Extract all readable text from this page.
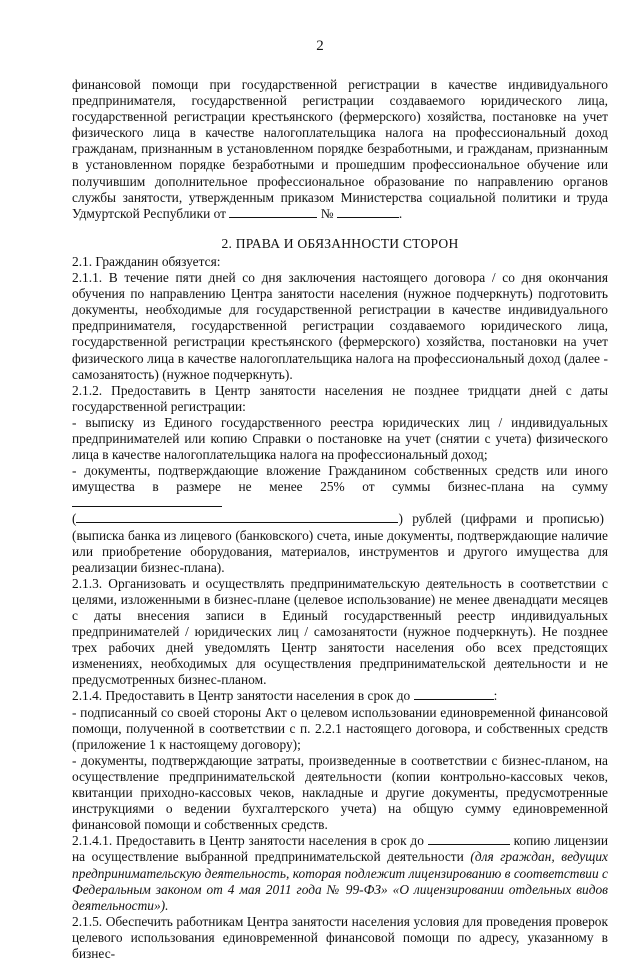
2

финансовой помощи при государственной регистрации в качестве индивидуального предпринимателя, государственной регистрации создаваемого юридического лица, государственной регистрации крестьянского (фермерского) хозяйства, постановке на учет физического лица в качестве налогоплательщика налога на профессиональный доход гражданам, признанным в установленном порядке безработными, и гражданам, признанным в установленном порядке безработными и прошедшим профессиональное обучение или получившим дополнительное профессиональное образование по направлению органов службы занятости, утвержденным приказом Министерства социальной политики и труда Удмуртской Республики от	№	.

2. ПРАВА И ОБЯЗАННОСТИ СТОРОН

2.1. Гражданин обязуется:

2.1.1. В течение пяти дней со дня заключения настоящего договора / со дня окончания обучения по направлению Центра занятости населения (нужное подчеркнуть) подготовить документы, необходимые для государственной регистрации в качестве индивидуального предпринимателя, государственной регистрации создаваемого юридического лица, государственной регистрации крестьянского (фермерского) хозяйства, постановки на учет физического лица в качестве налогоплательщика налога на профессиональный доход (далее - самозанятость) (нужное подчеркнуть).

2.1.2. Предоставить в Центр занятости населения не позднее тридцати дней с даты государственной регистрации:

- выписку из Единого государственного реестра юридических лиц / индивидуальных предпринимателей или копию Справки о постановке на учет (снятии с учета) физического лица в качестве налогоплательщика налога на профессиональный доход;

- документы, подтверждающие вложение Гражданином собственных средств или иного имущества в размере не менее 25% от суммы бизнес-плана на сумму

(	) рублей (цифрами и прописью)

(выписка банка из лицевого (банковского) счета, иные документы, подтверждающие наличие или приобретение оборудования, материалов, инструментов и другого имущества для реализации бизнес-плана).

2.1.3. Организовать и осуществлять предпринимательскую деятельность в соответствии с целями, изложенными в бизнес-плане (целевое использование) не менее двенадцати месяцев с даты внесения записи в Единый государственный реестр индивидуальных предпринимателей / юридических лиц / самозанятости (нужное подчеркнуть). Не позднее трех рабочих дней уведомлять Центр занятости населения обо всех предстоящих изменениях, необходимых для осуществления предпринимательской деятельности и не предусмотренных бизнес-планом.

2.1.4. Предоставить в Центр занятости населения в срок до	:

- подписанный со своей стороны Акт о целевом использовании единовременной финансовой помощи, полученной в соответствии с п. 2.2.1 настоящего договора, и собственных средств (приложение 1 к настоящему договору);

- документы, подтверждающие затраты, произведенные в соответствии с бизнес-планом, на осуществление предпринимательской деятельности (копии контрольно-кассовых чеков, квитанции приходно-кассовых чеков, накладные и другие документы, предусмотренные инструкциями о ведении бухгалтерского учета) на общую сумму единовременной финансовой помощи и собственных средств.

2.1.4.1. Предоставить в Центр занятости населения в срок до	копию лицензии на осуществление выбранной предпринимательской деятельности (для граждан, ведущих предпринимательскую деятельность, которая подлежит лицензированию в соответствии с Федеральным законом от 4 мая 2011 года № 99-ФЗ» «О лицензировании отдельных видов деятельности»).

2.1.5. Обеспечить работникам Центра занятости населения условия для проведения проверок целевого использования единовременной финансовой помощи по адресу, указанному в бизнес-
